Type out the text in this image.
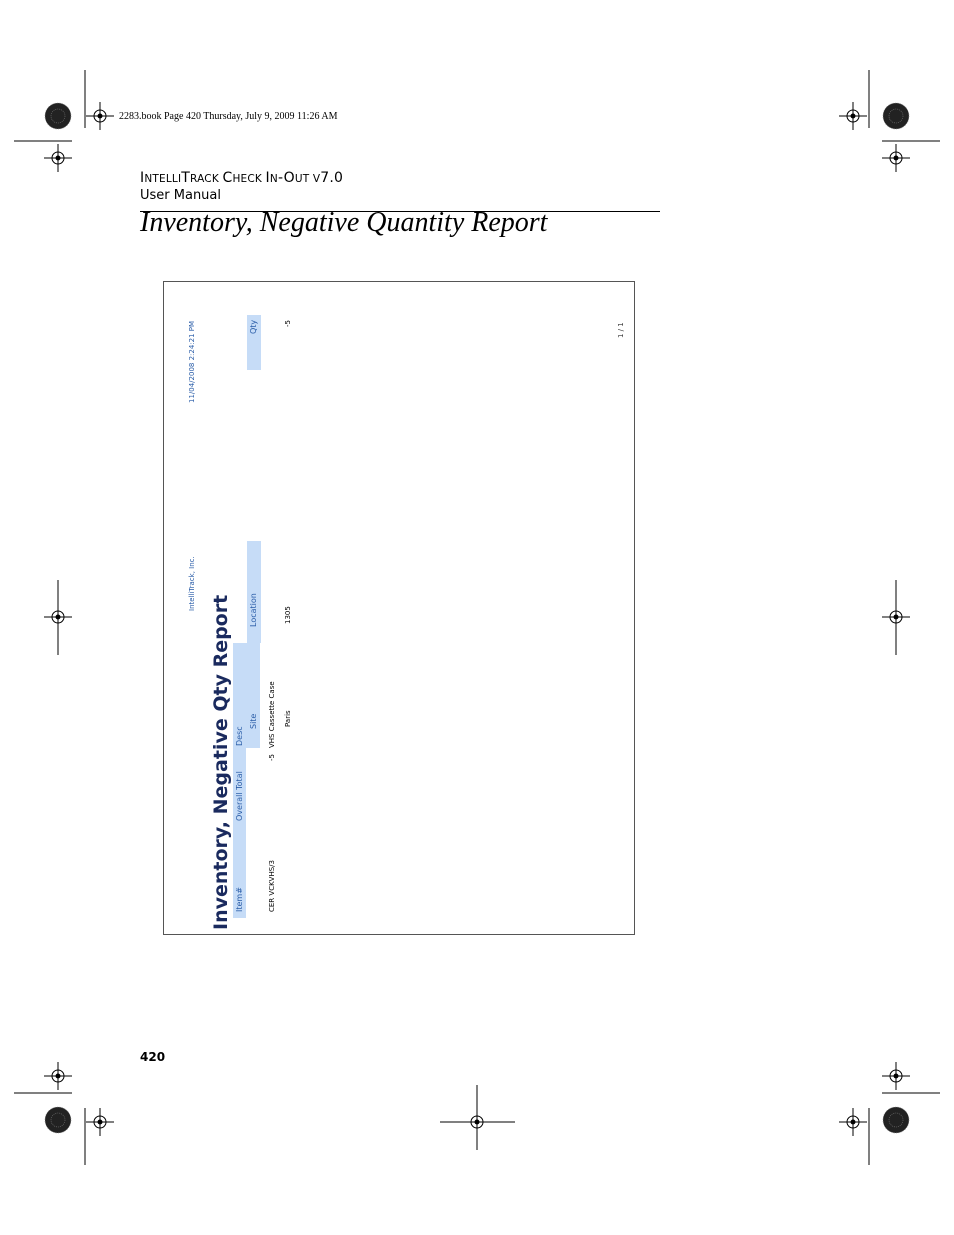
2283.book Page 420 Thursday, July 9, 2009 11:26 AM
INTELLITRACK CHECK IN-OUT V7.0
User Manual
Inventory, Negative Quantity Report
Inventory, Negative Qty Report
IntelliTrack, Inc.
11/04/2008 2:24:21 PM
Item#
Overall Total
Desc
Site
Location
Qty
CER VCKVHS/3
-5
VHS Cassette Case Paris
1305
-5	1 / 1
420
